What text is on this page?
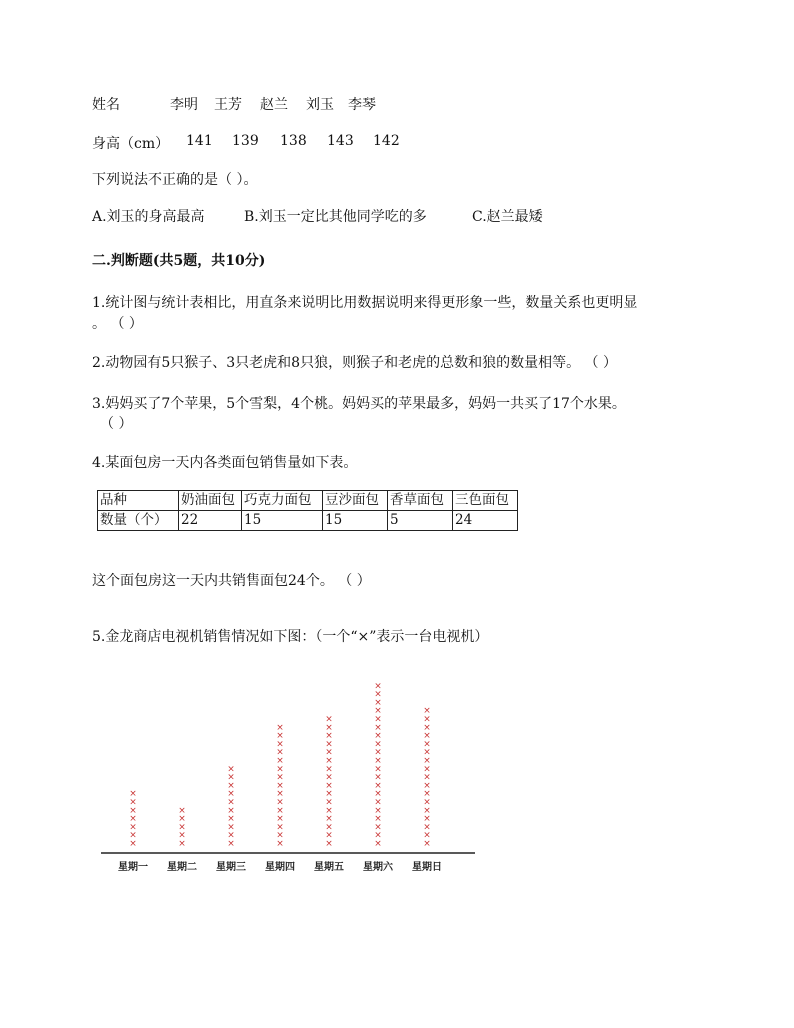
姓名	李明 王芳 赵兰 刘玉 李琴
身高（cm） 141 139 138 143 142
下列说法不正确的是（ ）。
A.刘玉的身高最高	B.刘玉一定比其他同学吃的多	C.赵兰最矮
二.判断题(共5题，共10分)
1.统计图与统计表相比，用直条来说明比用数据说明来得更形象一些，数量关系也更明显
。 （ ）
2.动物园有5只猴子、3只老虎和8只狼，则猴子和老虎的总数和狼的数量相等。 （ ）
3.妈妈买了7个苹果，5个雪梨，4个桃。妈妈买的苹果最多，妈妈一共买了17个水果。
（ ）
4.某面包房一天内各类面包销售量如下表。
品种	奶油面包	巧克力面包	豆沙面包	香草面包	三色面包
数量（个）	22	15	15	5	24
这个面包房这一天内共销售面包24个。 （ ）
5.金龙商店电视机销售情况如下图：（一个“×”表示一台电视机）
×
×
×
×
×
×
×
星期一
×
×
×
×
×
星期二
×
×
×
×
×
×
×
×
×
×
星期三
×
×
×
×
×
×
×
×
×
×
×
×
×
×
×
星期四
×
×
×
×
×
×
×
×
×
×
×
×
×
×
×
×
星期五
×
×
×
×
×
×
×
×
×
×
×
×
×
×
×
×
×
×
×
×
星期六
×
×
×
×
×
×
×
×
×
×
×
×
×
×
×
×
×
星期日
